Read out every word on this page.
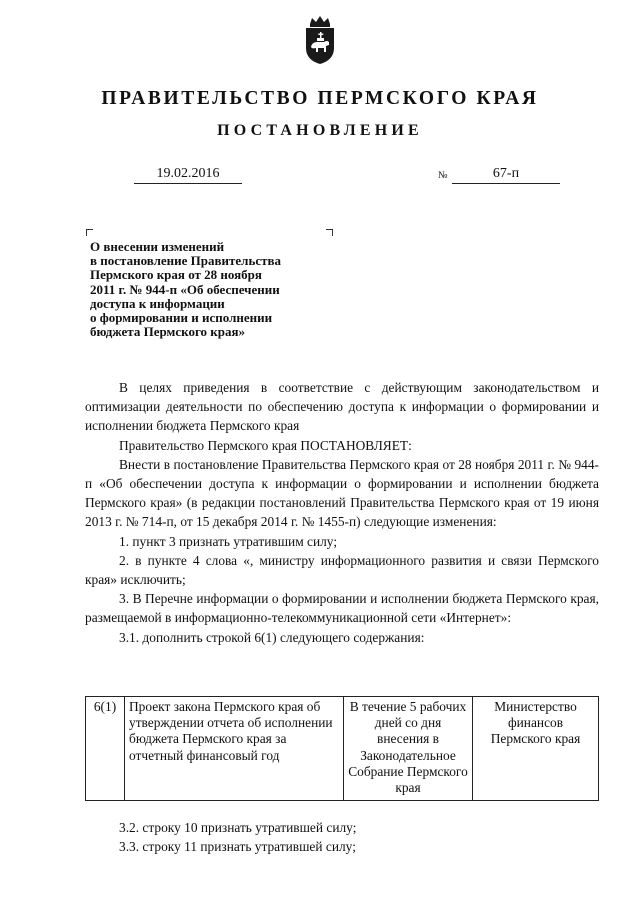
ПРАВИТЕЛЬСТВО ПЕРМСКОГО КРАЯ
ПОСТАНОВЛЕНИЕ
19.02.2016	№	67-п
О внесении изменений
в постановление Правительства
Пермского края от 28 ноября
2011 г. № 944-п «Об обеспечении
доступа к информации
о формировании и исполнении
бюджета Пермского края»

В целях приведения в соответствие с действующим законодательством и оптимизации деятельности по обеспечению доступа к информации о формировании и исполнении бюджета Пермского края

Правительство Пермского края ПОСТАНОВЛЯЕТ:

Внести в постановление Правительства Пермского края от 28 ноября 2011 г. № 944-п «Об обеспечении доступа к информации о формировании и исполнении бюджета Пермского края» (в редакции постановлений Правительства Пермского края от 19 июня 2013 г. № 714-п, от 15 декабря 2014 г. № 1455-п) следующие изменения:

1. пункт 3 признать утратившим силу;

2. в пункте 4 слова «, министру информационного развития и связи Пермского края» исключить;

3. В Перечне информации о формировании и исполнении бюджета Пермского края, размещаемой в информационно-телекоммуникационной сети «Интернет»:

3.1. дополнить строкой 6(1) следующего содержания:

6(1)	Проект закона Пермского края об утверждении отчета об исполнении бюджета Пермского края за отчетный финансовый год	В течение 5 рабочих дней со дня внесения в Законодательное Собрание Пермского края	Министерство финансов Пермского края

3.2. строку 10 признать утратившей силу;

3.3. строку 11 признать утратившей силу;
